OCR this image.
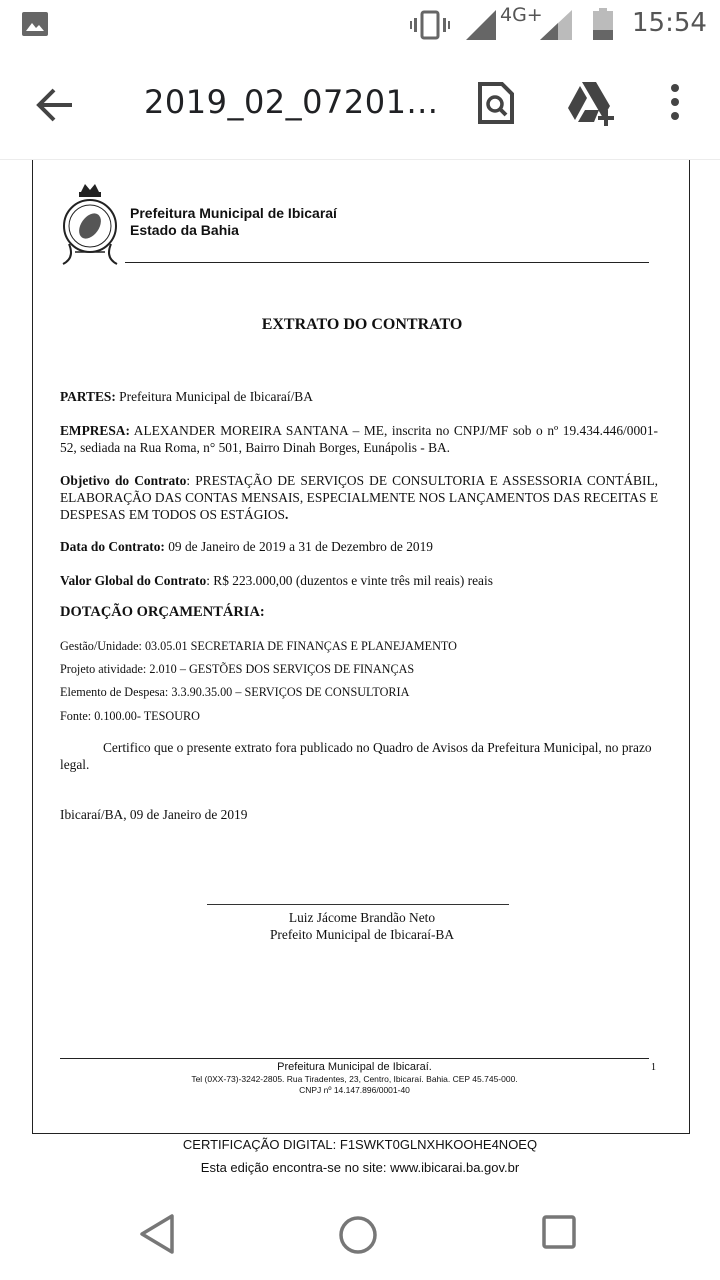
4G+	15:54
2019_02_07201...
Prefeitura Municipal de Ibicaraí
Estado da Bahia
EXTRATO DO CONTRATO
PARTES: Prefeitura Municipal de Ibicaraí/BA
EMPRESA: ALEXANDER MOREIRA SANTANA – ME, inscrita no CNPJ/MF sob o nº 19.434.446/0001-52, sediada na Rua Roma, n° 501, Bairro Dinah Borges, Eunápolis - BA.
Objetivo do Contrato: PRESTAÇÃO DE SERVIÇOS DE CONSULTORIA E ASSESSORIA CONTÁBIL, ELABORAÇÃO DAS CONTAS MENSAIS, ESPECIALMENTE NOS LANÇAMENTOS DAS RECEITAS E DESPESAS EM TODOS OS ESTÁGIOS.
Data do Contrato: 09 de Janeiro de 2019 a 31 de Dezembro de 2019
Valor Global do Contrato: R$ 223.000,00 (duzentos e vinte três mil reais) reais
DOTAÇÃO ORÇAMENTÁRIA:
Gestão/Unidade: 03.05.01 SECRETARIA DE FINANÇAS E PLANEJAMENTO
Projeto atividade: 2.010 – GESTÕES DOS SERVIÇOS DE FINANÇAS
Elemento de Despesa: 3.3.90.35.00 – SERVIÇOS DE CONSULTORIA
Fonte: 0.100.00- TESOURO
Certifico que o presente extrato fora publicado no Quadro de Avisos da Prefeitura Municipal, no prazo legal.
Ibicaraí/BA, 09 de Janeiro de 2019
Luiz Jácome Brandão Neto
Prefeito Municipal de Ibicaraí-BA
Prefeitura Municipal de Ibicaraí.
Tel (0XX-73)-3242-2805. Rua Tiradentes, 23, Centro, Ibicaraí. Bahia. CEP 45.745-000.
CNPJ nº 14.147.896/0001-40
1
CERTIFICAÇÃO DIGITAL: F1SWKT0GLNXHKOOHE4NOEQ
Esta edição encontra-se no site: www.ibicarai.ba.gov.br
